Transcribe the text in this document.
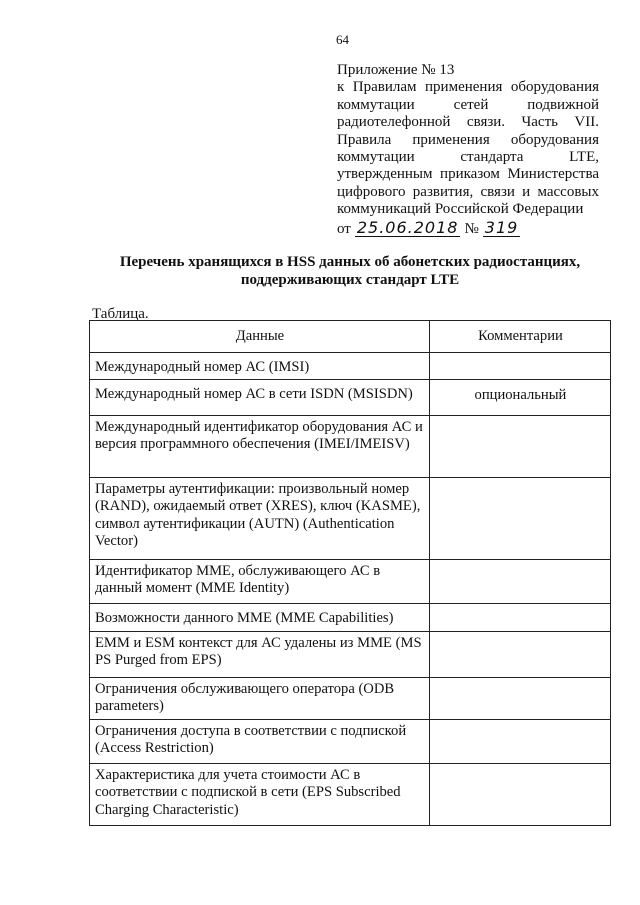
64
Приложение № 13
к Правилам применения оборудования
коммутации сетей подвижной
радиотелефонной связи. Часть VII.
Правила применения оборудования
коммутации стандарта LTE,
утвержденным приказом Министерства
цифрового развития, связи и массовых
коммуникаций Российской Федерации
от 25.06.2018 № 319
Перечень хранящихся в HSS данных об абонетских радиостанциях,
поддерживающих стандарт LTE
Таблица.
Данные	Комментарии
Международный номер АС (IMSI)	
Международный номер АС в сети ISDN (MSISDN)	опциональный
Международный идентификатор оборудования АС и версия программного обеспечения (IMEI/IMEISV)	
Параметры аутентификации: произвольный номер (RAND), ожидаемый ответ (XRES), ключ (KASME), символ аутентификации (AUTN) (Authentication Vector)	
Идентификатор MME, обслуживающего АС в данный момент (MME Identity)	
Возможности данного MME (MME Capabilities)	
EMM и ESM контекст для АС удалены из MME (MS PS Purged from EPS)	
Ограничения обслуживающего оператора (ODB parameters)	
Ограничения доступа в соответствии с подпиской (Access Restriction)	
Характеристика для учета стоимости АС в соответствии с подпиской в сети (EPS Subscribed Charging Characteristic)	
